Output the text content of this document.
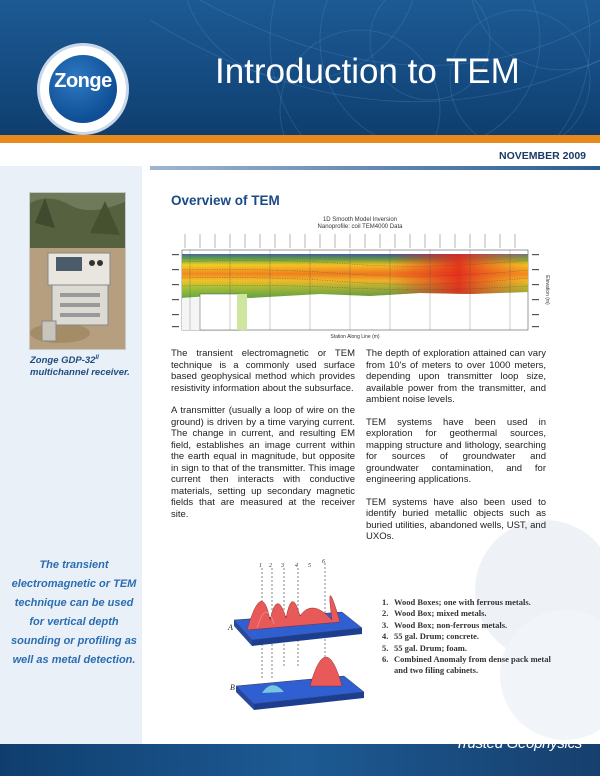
Zonge	Introduction to TEM
NOVEMBER 2009
Zonge GDP-$32^{II}$
multichannel receiver.
The transient electromagnetic or TEM technique can be used for vertical depth sounding or profiling as well as metal detection.
Overview of TEM
1D Smooth Model Inversion
Nanoprofile: coil TEM4000 Data
Station Along Line (m)
Elevation (m)

The transient electromagnetic or TEM technique is a commonly used surface based geophysical method which provides resistivity information about the subsurface.

A transmitter (usually a loop of wire on the ground) is driven by a time varying current. The change in current, and resulting EM field, establishes an image current within the earth equal in magnitude, but opposite in sign to that of the transmitter. This image current then interacts with conductive materials, setting up secondary magnetic fields that are measured at the receiver site.

The depth of exploration attained can vary from 10's of meters to over 1000 meters, depending upon transmitter loop size, available power from the transmitter, and ambient noise levels.

TEM systems have been used in exploration for geothermal sources, mapping structure and lithology, searching for sources of groundwater and groundwater contamination, and for engineering applications.

TEM systems have also been used to identify buried metallic objects such as buried utilities, abandoned wells, UST, and UXOs.

1 2 3 4 5
6
A
B
1. Wood Boxes; one with ferrous metals.
2. Wood Box; mixed metals.
3. Wood Box; non-ferrous metals.
4. 55 gal. Drum; concrete.
5. 55 gal. Drum; foam.
6. Combined Anomaly from dense pack metal and two filing cabinets.
Trusted Geophysics
